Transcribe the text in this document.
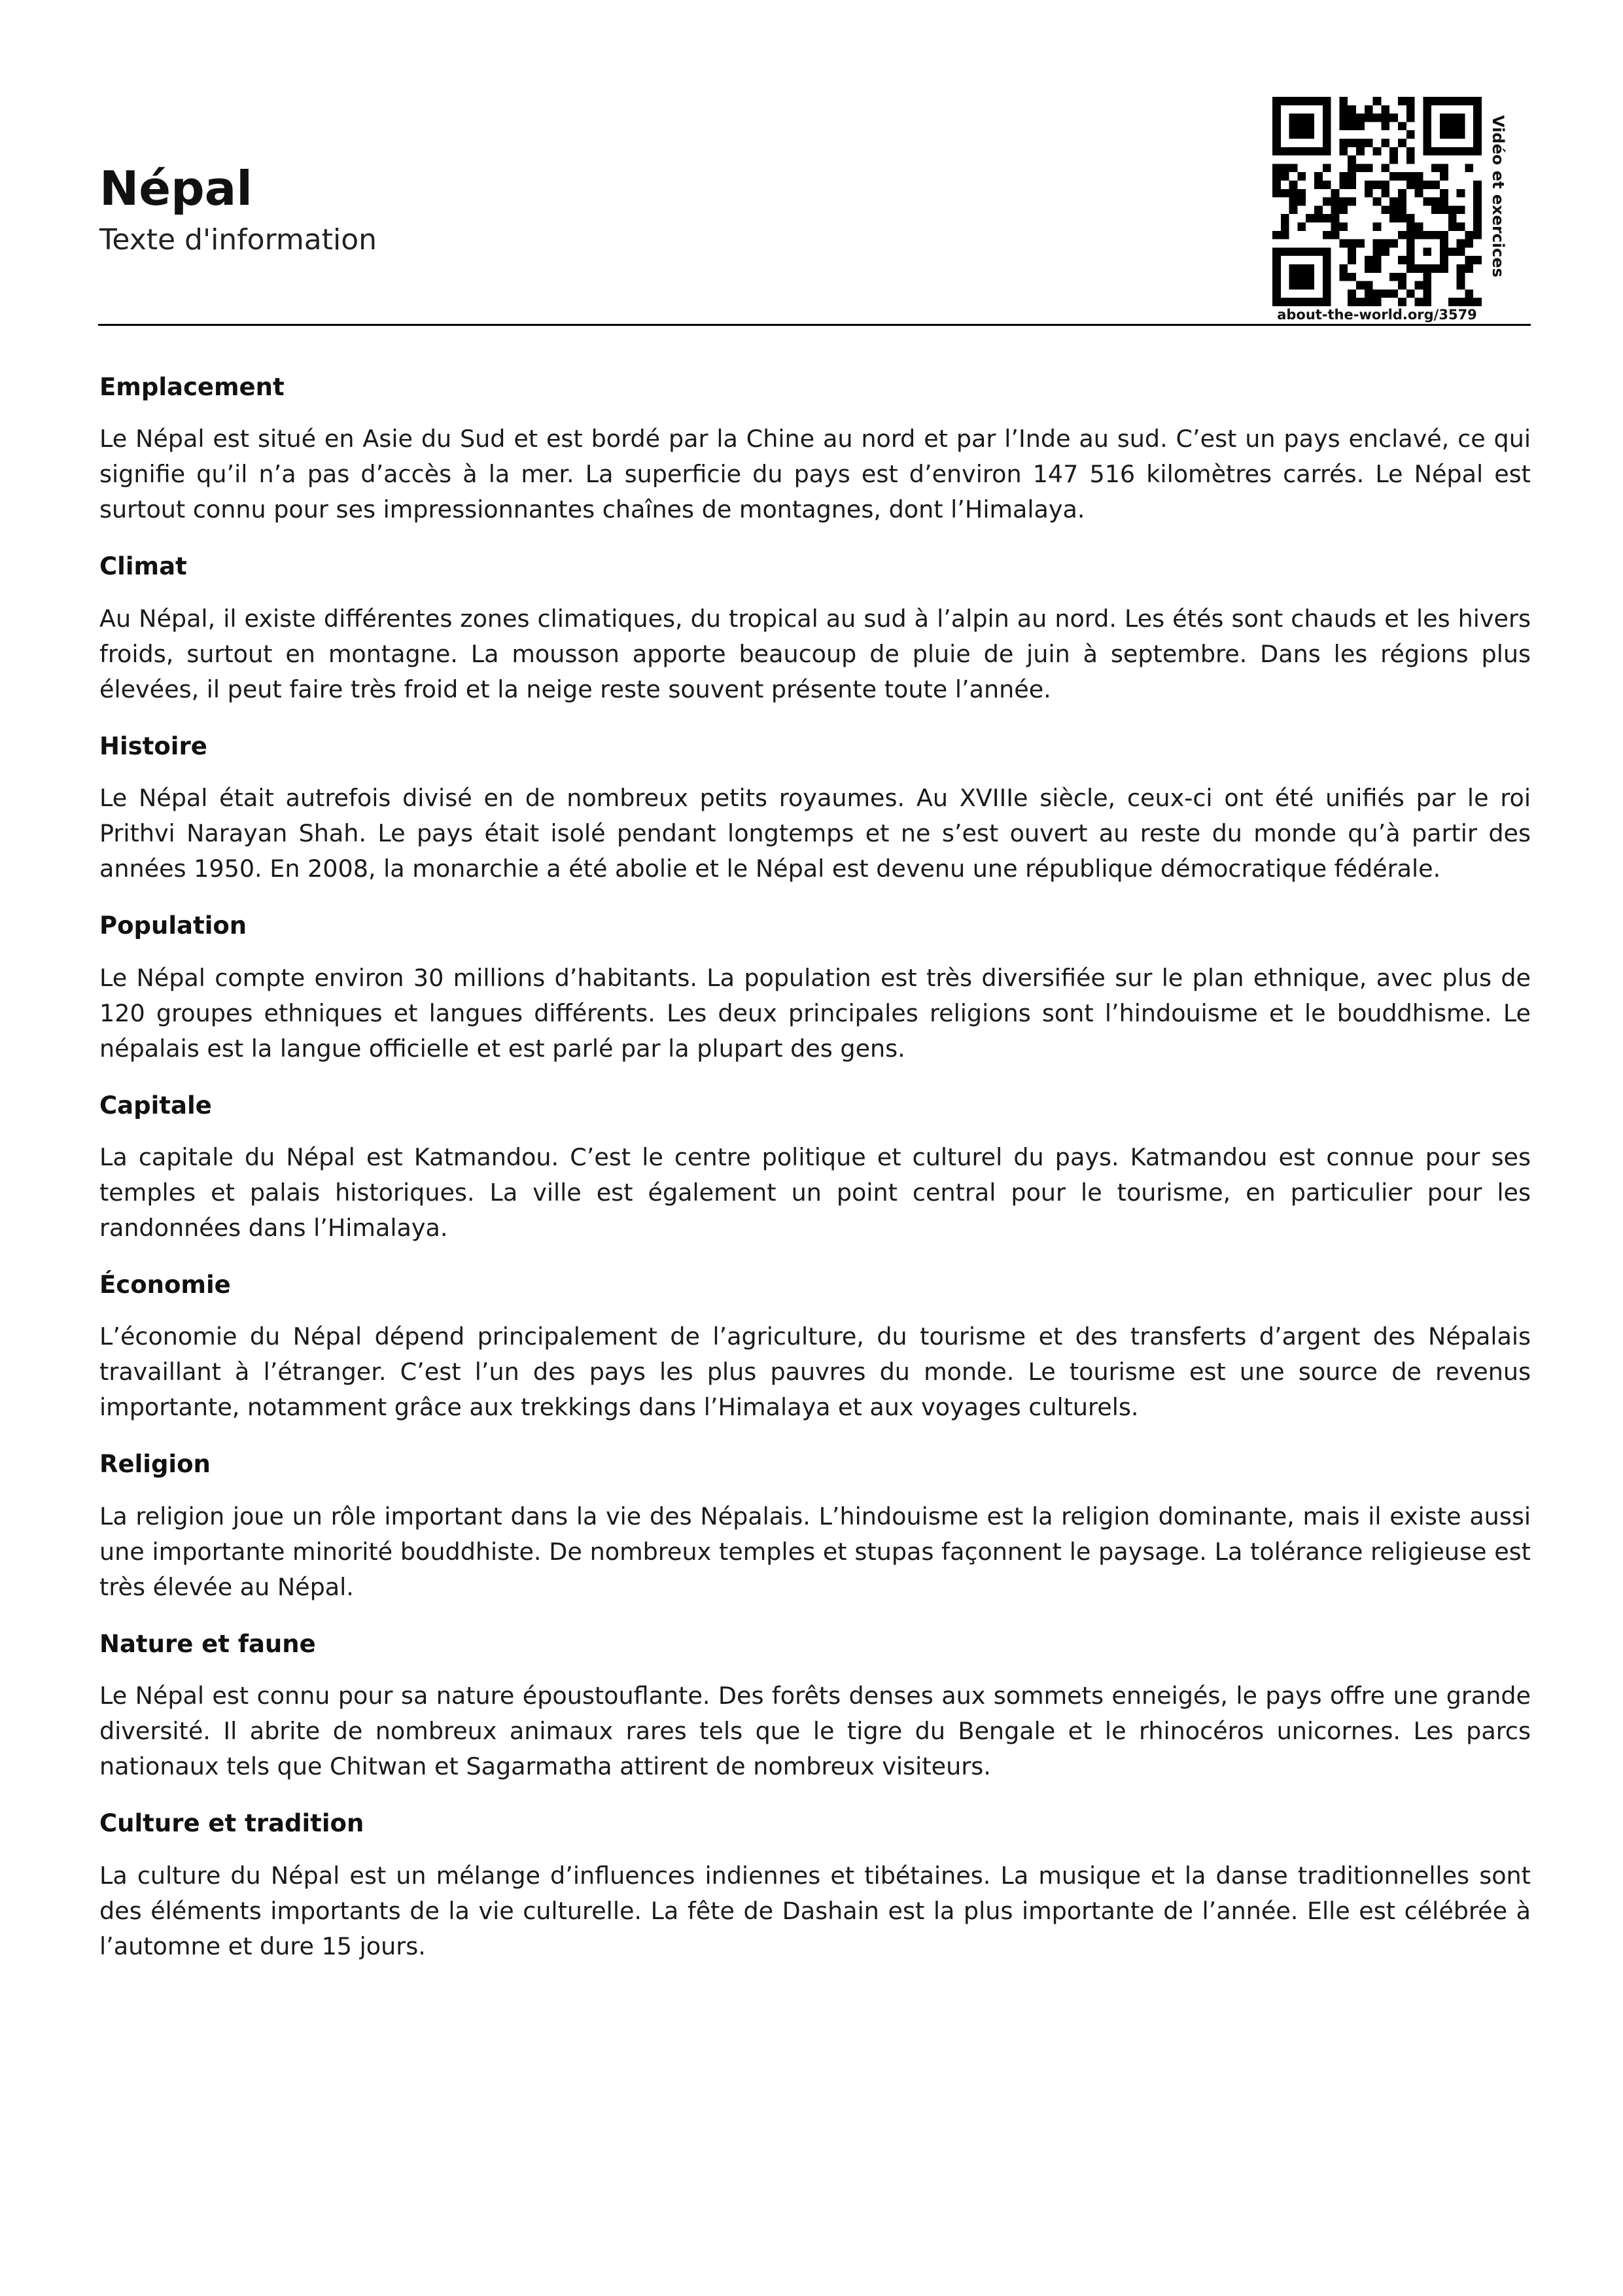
Népal

Texte d'information

about-the-world.org/3579
Vidéo et exercices
Emplacement

Le Népal est situé en Asie du Sud et est bordé par la Chine au nord et par l’Inde au sud. C’est un pays enclavé, ce qui signifie qu’il n’a pas d’accès à la mer. La superficie du pays est d’environ 147 516 kilomètres carrés. Le Népal est surtout connu pour ses impressionnantes chaînes de montagnes, dont l’Himalaya.

Climat

Au Népal, il existe différentes zones climatiques, du tropical au sud à l’alpin au nord. Les étés sont chauds et les hivers froids, surtout en montagne. La mousson apporte beaucoup de pluie de juin à septembre. Dans les régions plus élevées, il peut faire très froid et la neige reste souvent présente toute l’année.

Histoire

Le Népal était autrefois divisé en de nombreux petits royaumes. Au XVIIIe siècle, ceux-ci ont été unifiés par le roi Prithvi Narayan Shah. Le pays était isolé pendant longtemps et ne s’est ouvert au reste du monde qu’à partir des années 1950. En 2008, la monarchie a été abolie et le Népal est devenu une république démocratique fédérale.

Population

Le Népal compte environ 30 millions d’habitants. La population est très diversifiée sur le plan ethnique, avec plus de 120 groupes ethniques et langues différents. Les deux principales religions sont l’hindouisme et le bouddhisme. Le népalais est la langue officielle et est parlé par la plupart des gens.

Capitale

La capitale du Népal est Katmandou. C’est le centre politique et culturel du pays. Katmandou est connue pour ses temples et palais historiques. La ville est également un point central pour le tourisme, en particulier pour les randonnées dans l’Himalaya.

Économie

L’économie du Népal dépend principalement de l’agriculture, du tourisme et des transferts d’argent des Népalais travaillant à l’étranger. C’est l’un des pays les plus pauvres du monde. Le tourisme est une source de revenus importante, notamment grâce aux trekkings dans l’Himalaya et aux voyages culturels.

Religion

La religion joue un rôle important dans la vie des Népalais. L’hindouisme est la religion dominante, mais il existe aussi une importante minorité bouddhiste. De nombreux temples et stupas façonnent le paysage. La tolérance religieuse est très élevée au Népal.

Nature et faune

Le Népal est connu pour sa nature époustouflante. Des forêts denses aux sommets enneigés, le pays offre une grande diversité. Il abrite de nombreux animaux rares tels que le tigre du Bengale et le rhinocéros unicornes. Les parcs nationaux tels que Chitwan et Sagarmatha attirent de nombreux visiteurs.

Culture et tradition

La culture du Népal est un mélange d’influences indiennes et tibétaines. La musique et la danse traditionnelles sont des éléments importants de la vie culturelle. La fête de Dashain est la plus importante de l’année. Elle est célébrée à l’automne et dure 15 jours.
